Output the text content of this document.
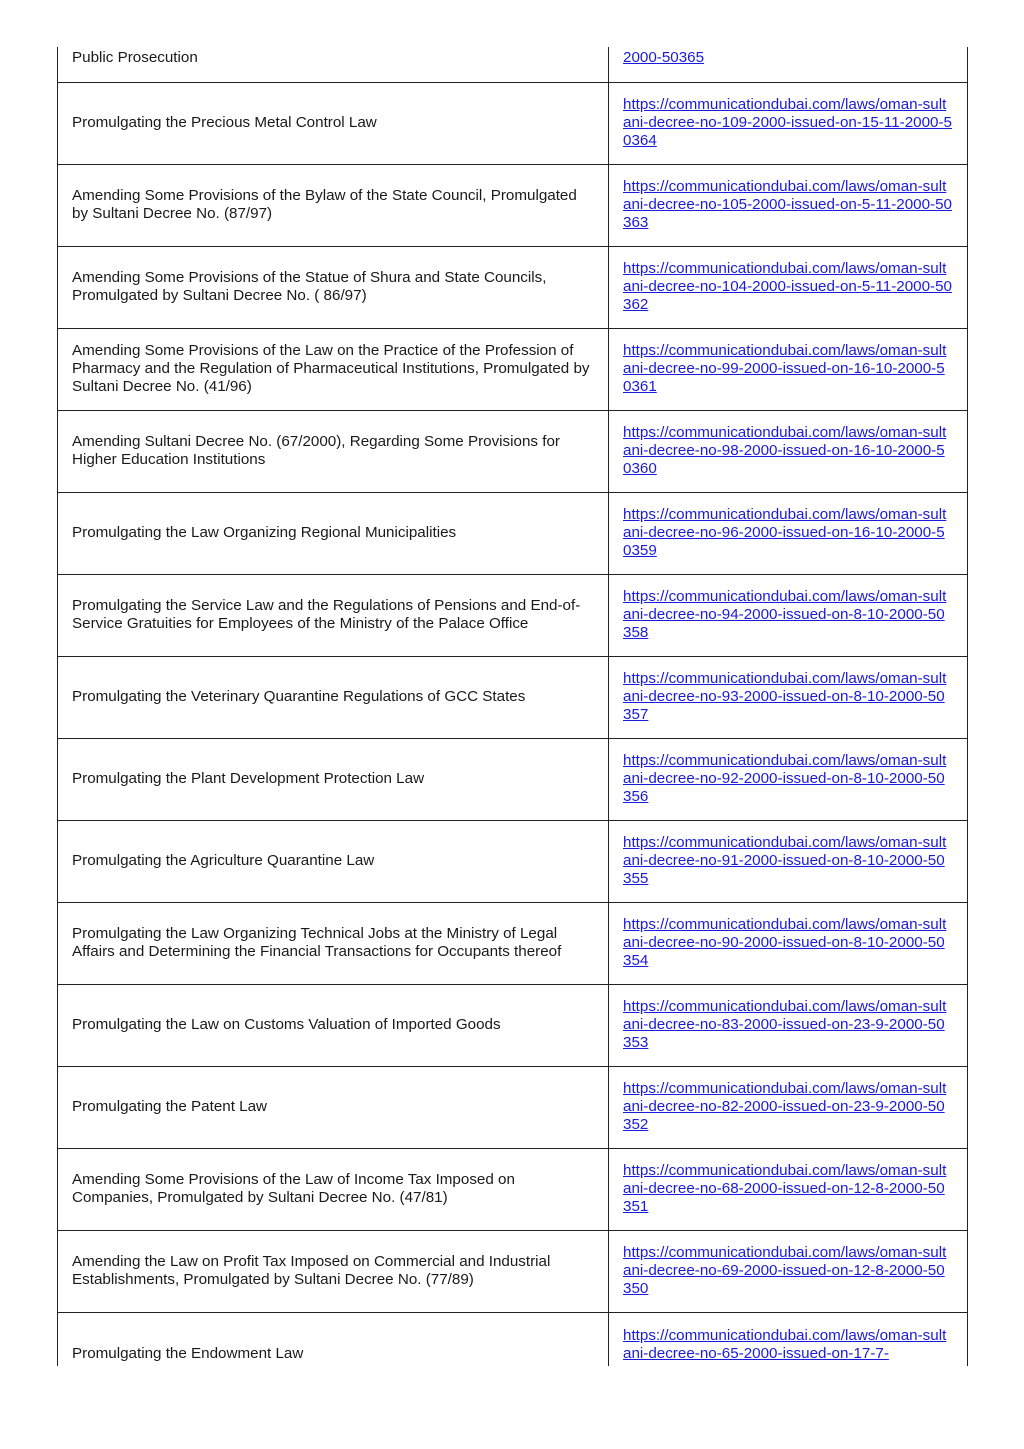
Public Prosecution	2000-50365
Promulgating the Precious Metal Control Law	https://communicationdubai.com/laws/oman-sultani-decree-no-109-2000-issued-on-15-11-2000-50364
Amending Some Provisions of the Bylaw of the State Council, Promulgated by Sultani Decree No. (87/97)	https://communicationdubai.com/laws/oman-sultani-decree-no-105-2000-issued-on-5-11-2000-50363
Amending Some Provisions of the Statue of Shura and State Councils, Promulgated by Sultani Decree No. ( 86/97)	https://communicationdubai.com/laws/oman-sultani-decree-no-104-2000-issued-on-5-11-2000-50362
Amending Some Provisions of the Law on the Practice of the Profession of Pharmacy and the Regulation of Pharmaceutical Institutions, Promulgated by Sultani Decree No. (41/96)	https://communicationdubai.com/laws/oman-sultani-decree-no-99-2000-issued-on-16-10-2000-50361
Amending Sultani Decree No. (67/2000), Regarding Some Provisions for Higher Education Institutions	https://communicationdubai.com/laws/oman-sultani-decree-no-98-2000-issued-on-16-10-2000-50360
Promulgating the Law Organizing Regional Municipalities	https://communicationdubai.com/laws/oman-sultani-decree-no-96-2000-issued-on-16-10-2000-50359
Promulgating the Service Law and the Regulations of Pensions and End-of-Service Gratuities for Employees of the Ministry of the Palace Office	https://communicationdubai.com/laws/oman-sultani-decree-no-94-2000-issued-on-8-10-2000-50358
Promulgating the Veterinary Quarantine Regulations of GCC States	https://communicationdubai.com/laws/oman-sultani-decree-no-93-2000-issued-on-8-10-2000-50357
Promulgating the Plant Development Protection Law	https://communicationdubai.com/laws/oman-sultani-decree-no-92-2000-issued-on-8-10-2000-50356
Promulgating the Agriculture Quarantine Law	https://communicationdubai.com/laws/oman-sultani-decree-no-91-2000-issued-on-8-10-2000-50355
Promulgating the Law Organizing Technical Jobs at the Ministry of Legal Affairs and Determining the Financial Transactions for Occupants thereof	https://communicationdubai.com/laws/oman-sultani-decree-no-90-2000-issued-on-8-10-2000-50354
Promulgating the Law on Customs Valuation of Imported Goods	https://communicationdubai.com/laws/oman-sultani-decree-no-83-2000-issued-on-23-9-2000-50353
Promulgating the Patent Law	https://communicationdubai.com/laws/oman-sultani-decree-no-82-2000-issued-on-23-9-2000-50352
Amending Some Provisions of the Law of Income Tax Imposed on Companies, Promulgated by Sultani Decree No. (47/81)	https://communicationdubai.com/laws/oman-sultani-decree-no-68-2000-issued-on-12-8-2000-50351
Amending the Law on Profit Tax Imposed on Commercial and Industrial Establishments, Promulgated by Sultani Decree No. (77/89)	https://communicationdubai.com/laws/oman-sultani-decree-no-69-2000-issued-on-12-8-2000-50350
Promulgating the Endowment Law	https://communicationdubai.com/laws/oman-sultani-decree-no-65-2000-issued-on-17-7-
